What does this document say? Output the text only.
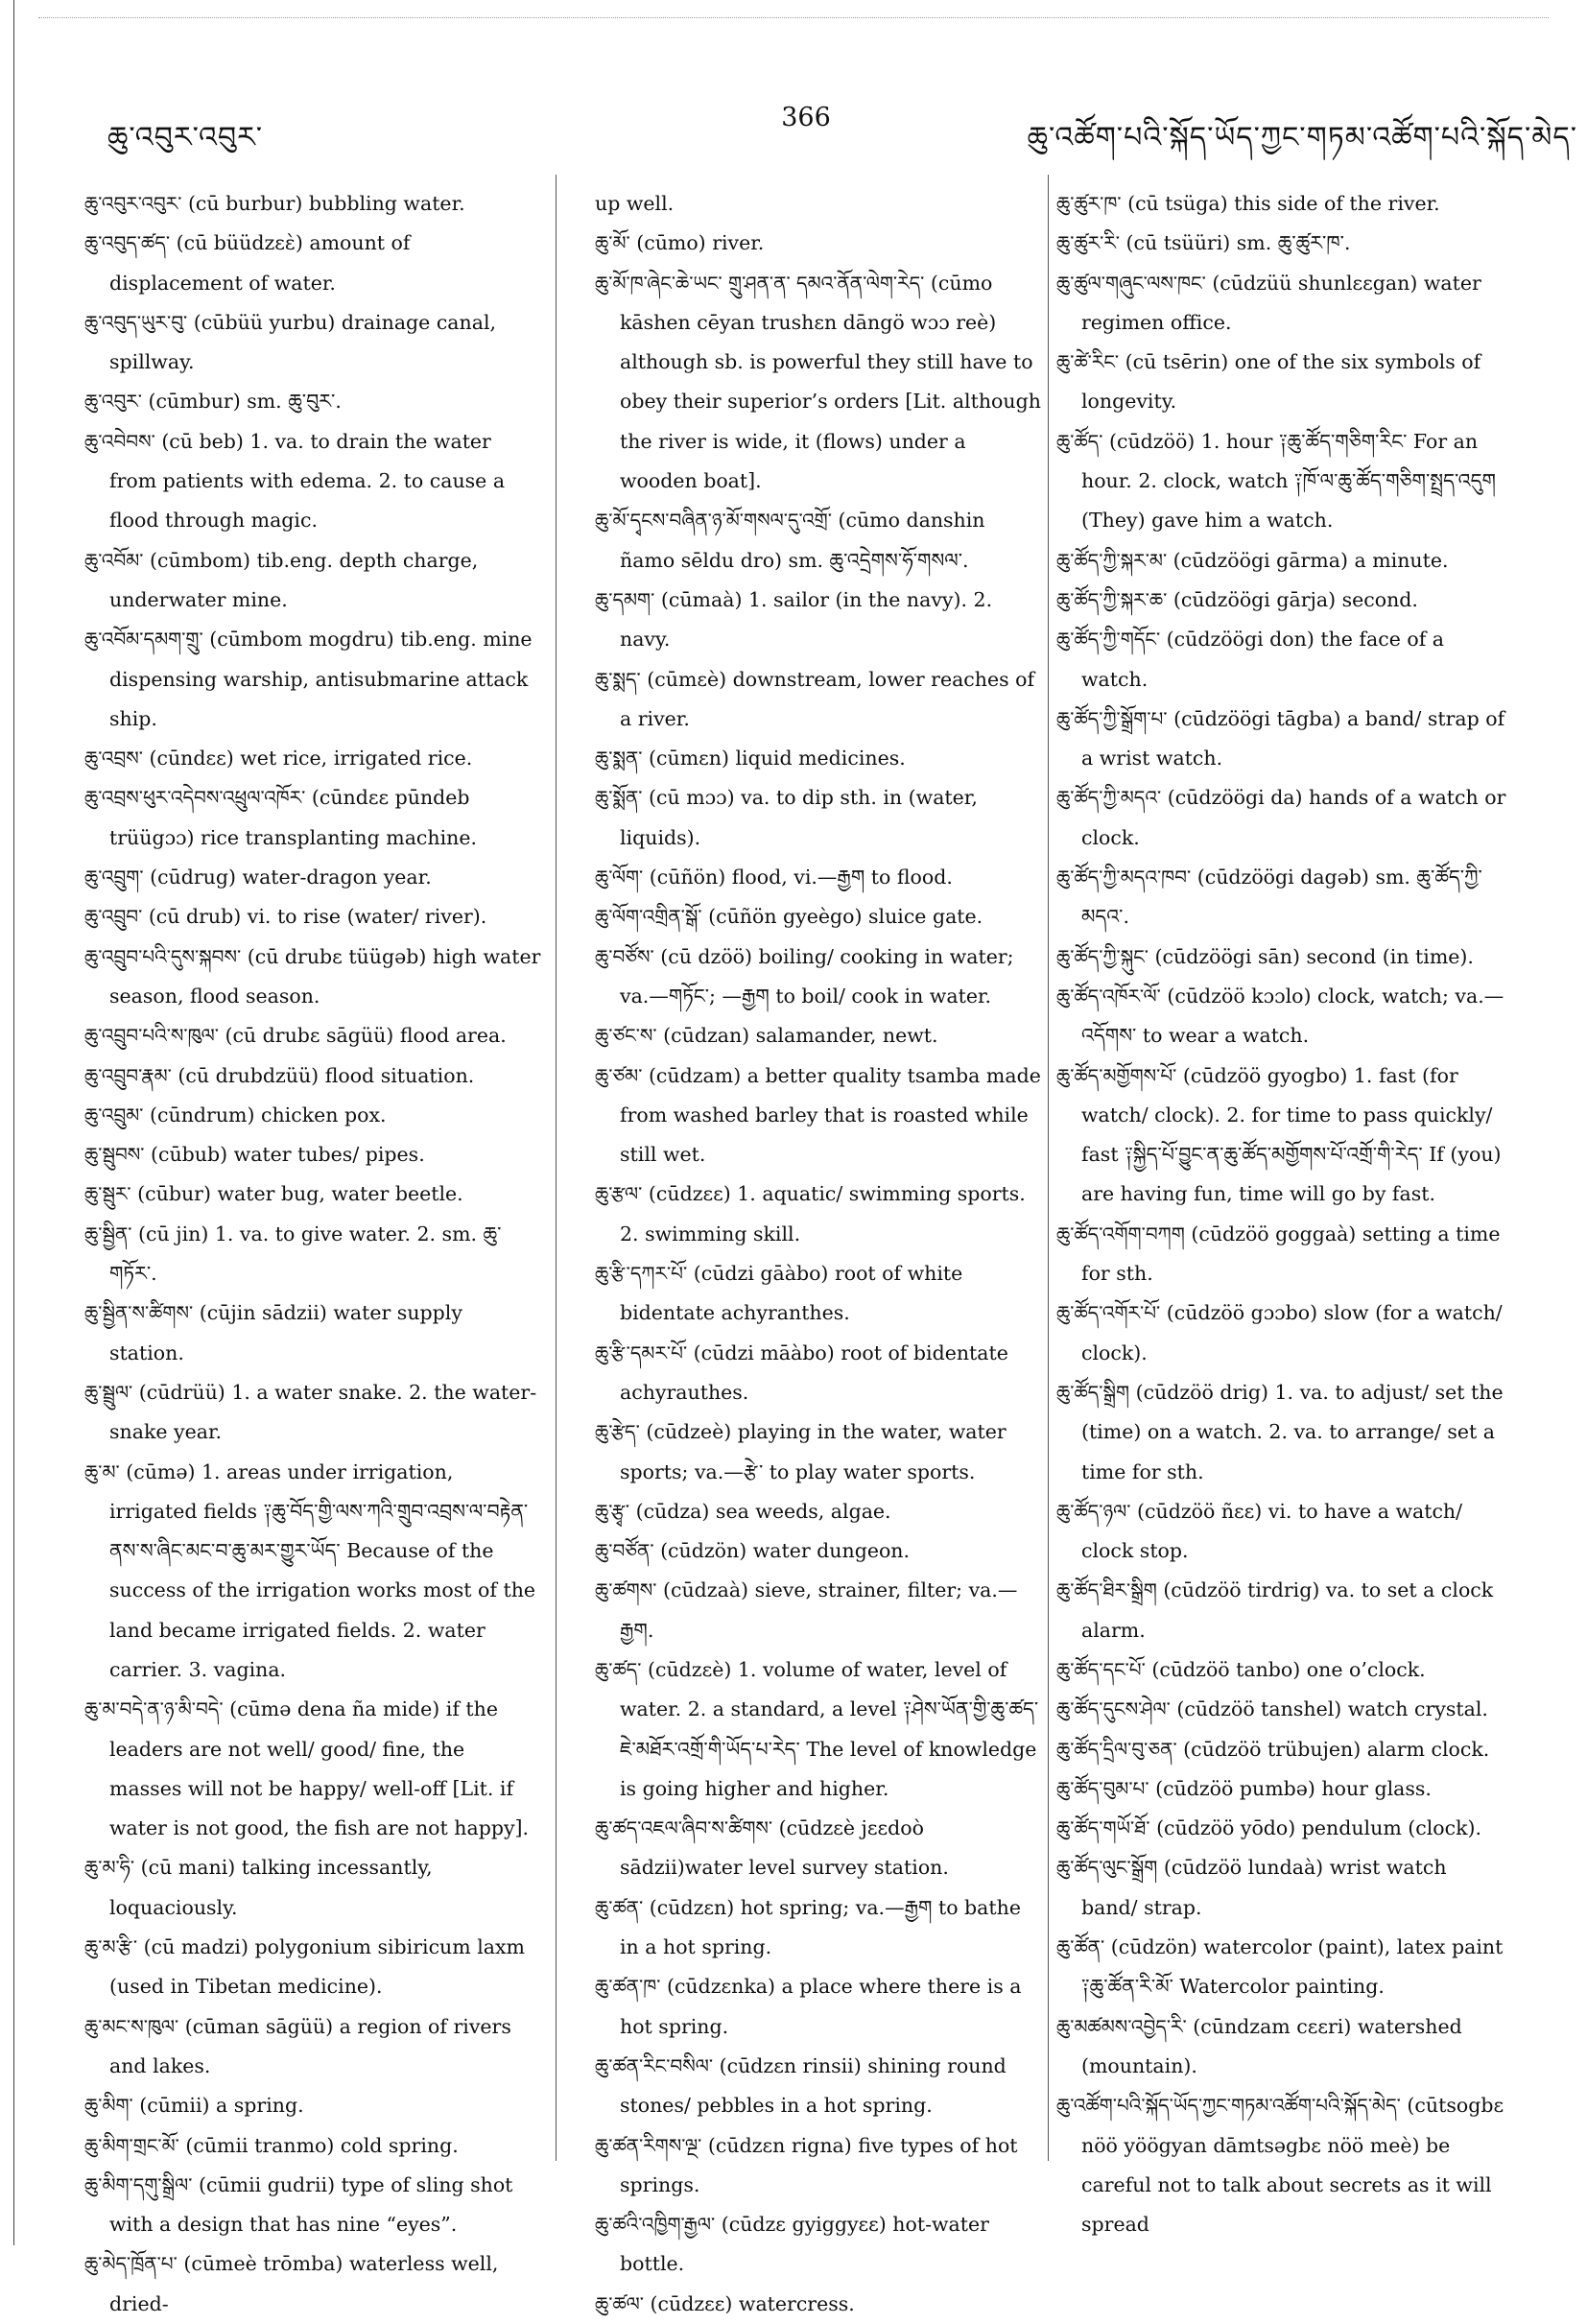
ཆུ་འབུར་འབུར་
366
ཆུ་འཚོག་པའི་སྐོད་ཡོད་ཀྱང་གཏམ་འཚོག་པའི་སྐོད་མེད་

ཆུ་འབུར་འབུར་ (cū burbur) bubbling water.

ཆུ་འབུད་ཚད་ (cū büüdzεὲ) amount of displacement of water.

ཆུ་འབུད་ཡུར་བུ་ (cūbüü yurbu) drainage canal, spillway.

ཆུ་འབུར་ (cūmbur) sm. ཆུ་བུར་.

ཆུ་འབེབས་ (cū beb) 1. va. to drain the water from patients with edema. 2. to cause a flood through magic.

ཆུ་འབོམ་ (cūmbom) tib.eng. depth charge, underwater mine.

ཆུ་འབོམ་དམག་གྲུ་ (cūmbom mogdru) tib.eng. mine dispensing warship, antisubmarine attack ship.

ཆུ་འབྲས་ (cūndεε) wet rice, irrigated rice.

ཆུ་འབྲས་ཕུར་འདེབས་འཕྲུལ་འཁོར་ (cūndεε pūndeb trüügɔɔ) rice transplanting machine.

ཆུ་འབྲུག་ (cūdrug) water-dragon year.

ཆུ་འབྲུབ་ (cū drub) vi. to rise (water/ river).

ཆུ་འབྲུབ་པའི་དུས་སྐབས་ (cū drubε tüügəb) high water season, flood season.

ཆུ་འབྲུབ་པའི་ས་ཁུལ་ (cū drubε sāgüü) flood area.

ཆུ་འབྲུབ་རྣམ་ (cū drubdzüü) flood situation.

ཆུ་འབྲུམ་ (cūndrum) chicken pox.

ཆུ་སྦུབས་ (cūbub) water tubes/ pipes.

ཆུ་སྦུར་ (cūbur) water bug, water beetle.

ཆུ་སྦྱིན་ (cū jin) 1. va. to give water. 2. sm. ཆུ་གཏོར་.

ཆུ་སྦྱིན་ས་ཚིགས་ (cūjin sādzii) water supply station.

ཆུ་སྦྲུལ་ (cūdrüü) 1. a water snake. 2. the water-snake year.

ཆུ་མ་ (cūmə) 1. areas under irrigation, irrigated fields ༑ཆུ་བོད་གྱི་ལས་ཀའི་གྲུབ་འབྲས་ལ་བརྟེན་ནས་ས་ཞིང་མང་བ་ཆུ་མར་གྱུར་ཡོད་ Because of the success of the irrigation works most of the land became irrigated fields. 2. water carrier. 3. vagina.

ཆུ་མ་བདེ་ན་ཉ་མི་བདེ་ (cūmə dena ña mide) if the leaders are not well/ good/ fine, the masses will not be happy/ well-off [Lit. if water is not good, the fish are not happy].

ཆུ་མ་ཧི་ (cū mani) talking incessantly, loquaciously.

ཆུ་མ་རྩི་ (cū madzi) polygonium sibiricum laxm (used in Tibetan medicine).

ཆུ་མང་ས་ཁུལ་ (cūman sāgüü) a region of rivers and lakes.

ཆུ་མིག་ (cūmii) a spring.

ཆུ་མིག་གྲང་མོ་ (cūmii tranmo) cold spring.

ཆུ་མིག་དགུ་སྒྲིལ་ (cūmii gudrii) type of sling shot with a design that has nine “eyes”.

ཆུ་མེད་ཁྲོན་པ་ (cūmeè trōmba) waterless well, dried-

up well.

ཆུ་མོ་ (cūmo) river.

ཆུ་མོ་ཁ་ཞེང་ཆེ་ཡང་ གྲུ་ཤན་ན་ དམའ་ནོན་ལེག་རེད་ (cūmo kāshen cēyan trushεn dāngö wɔɔ reè) although sb. is powerful they still have to obey their superior’s orders [Lit. although the river is wide, it (flows) under a wooden boat].

ཆུ་མོ་དྭངས་བཞིན་ཉ་མོ་གསལ་དུ་འགྲོ་ (cūmo danshin ñamo sēldu dro) sm. ཆུ་འདྲེགས་ཧོ་གསལ་.

ཆུ་དམག་ (cūmaà) 1. sailor (in the navy). 2. navy.

ཆུ་སྨད་ (cūmεè) downstream, lower reaches of a river.

ཆུ་སྨན་ (cūmεn) liquid medicines.

ཆུ་སྨོན་ (cū mɔɔ) va. to dip sth. in (water, liquids).

ཆུ་ལོག་ (cūñön) flood, vi.—རྒྱག to flood.

ཆུ་ལོག་འགྲིན་སྒོ་ (cūñön gyeègo) sluice gate.

ཆུ་བཙོས་ (cū dzöö) boiling/ cooking in water; va.—གཏོང་; —རྒྱག to boil/ cook in water.

ཆུ་ཙང་ས་ (cūdzan) salamander, newt.

ཆུ་ཙམ་ (cūdzam) a better quality tsamba made from washed barley that is roasted while still wet.

ཆུ་རྩལ་ (cūdzεε) 1. aquatic/ swimming sports. 2. swimming skill.

ཆུ་རྩི་དཀར་པོ་ (cūdzi gāàbo) root of white bidentate achyranthes.

ཆུ་རྩི་དམར་པོ་ (cūdzi māàbo) root of bidentate achyrauthes.

ཆུ་རྩེད་ (cūdzeè) playing in the water, water sports; va.—རྩེ་ to play water sports.

ཆུ་རྩྭ་ (cūdza) sea weeds, algae.

ཆུ་བཙོན་ (cūdzön) water dungeon.

ཆུ་ཚགས་ (cūdzaà) sieve, strainer, filter; va.—རྒྱག.

ཆུ་ཚད་ (cūdzεè) 1. volume of water, level of water. 2. a standard, a level ༑ཤེས་ཡོན་གྱི་ཆུ་ཚད་ཇེ་མཐོར་འགྲོ་གི་ཡོད་པ་རེད་ The level of knowledge is going higher and higher.

ཆུ་ཚད་འཇལ་ཞིབ་ས་ཚིགས་ (cūdzεè jεεdoò sādzii)water level survey station.

ཆུ་ཚན་ (cūdzεn) hot spring; va.—རྒྱག to bathe in a hot spring.

ཆུ་ཚན་ཁ་ (cūdzεnka) a place where there is a hot spring.

ཆུ་ཚན་རིང་བསིལ་ (cūdzεn rinsii) shining round stones/ pebbles in a hot spring.

ཆུ་ཚན་རིགས་ལྔ་ (cūdzεn rigna) five types of hot springs.

ཆུ་ཚའི་འཁྱིག་རྒྱལ་ (cūdzε gyiggyεε) hot-water bottle.

ཆུ་ཚལ་ (cūdzεε) watercress.

ཆུ་ཚུར་ཁ་ (cū tsüga) this side of the river.

ཆུ་ཚུར་རི་ (cū tsüüri) sm. ཆུ་ཚུར་ཁ་.

ཆུ་ཚུལ་གཞུང་ལས་ཁང་ (cūdzüü shunlεεgan) water regimen office.

ཆུ་ཚེ་རིང་ (cū tsērin) one of the six symbols of longevity.

ཆུ་ཚོད་ (cūdzöö) 1. hour ༑ཆུ་ཚོད་གཅིག་རིང་ For an hour. 2. clock, watch ༑ཁོ་ལ་ཆུ་ཚོད་གཅིག་སྤྲད་འདུག (They) gave him a watch.

ཆུ་ཚོད་ཀྱི་སྐར་མ་ (cūdzöögi gārma) a minute.

ཆུ་ཚོད་ཀྱི་སྐར་ཆ་ (cūdzöögi gārja) second.

ཆུ་ཚོད་ཀྱི་གདོང་ (cūdzöögi don) the face of a watch.

ཆུ་ཚོད་ཀྱི་སྒྲོག་པ་ (cūdzöögi tāgba) a band/ strap of a wrist watch.

ཆུ་ཚོད་ཀྱི་མདའ་ (cūdzöögi da) hands of a watch or clock.

ཆུ་ཚོད་ཀྱི་མདའ་ཁབ་ (cūdzöögi dagəb) sm. ཆུ་ཚོད་ཀྱི་མདའ་.

ཆུ་ཚོད་ཀྱི་སྐུང་ (cūdzöögi sān) second (in time).

ཆུ་ཚོད་འཁོར་ལོ་ (cūdzöö kɔɔlo) clock, watch; va.—འདོགས་ to wear a watch.

ཆུ་ཚོད་མགྱོགས་པོ་ (cūdzöö gyogbo) 1. fast (for watch/ clock). 2. for time to pass quickly/ fast ༑སྐྱིད་པོ་བྱུང་ན་ཆུ་ཚོད་མགྱོགས་པོ་འགྲོ་གི་རེད་ If (you) are having fun, time will go by fast.

ཆུ་ཚོད་འགོག་བཀག (cūdzöö goggaà) setting a time for sth.

ཆུ་ཚོད་འགོར་པོ་ (cūdzöö gɔɔbo) slow (for a watch/ clock).

ཆུ་ཚོད་སྒྲིག (cūdzöö drig) 1. va. to adjust/ set the (time) on a watch. 2. va. to arrange/ set a time for sth.

ཆུ་ཚོད་ཉལ་ (cūdzöö ñεε) vi. to have a watch/ clock stop.

ཆུ་ཚོད་ཐིར་སྒྲིག (cūdzöö tirdrig) va. to set a clock alarm.

ཆུ་ཚོད་དང་པོ་ (cūdzöö tanbo) one o’clock.

ཆུ་ཚོད་དུངས་ཤེལ་ (cūdzöö tanshel) watch crystal.

ཆུ་ཚོད་དྲིལ་བུ་ཅན་ (cūdzöö trübujen) alarm clock.

ཆུ་ཚོད་བུམ་པ་ (cūdzöö pumbə) hour glass.

ཆུ་ཚོད་གཡོ་ཐོ་ (cūdzöö yōdo) pendulum (clock).

ཆུ་ཚོད་ལུང་སྒྲོག (cūdzöö lundaà) wrist watch band/ strap.

ཆུ་ཚོན་ (cūdzön) watercolor (paint), latex paint ༑ཆུ་ཚོན་རི་མོ་ Watercolor painting.

ཆུ་མཚམས་འབྱེད་རི་ (cūndzam cεεri) watershed (mountain).

ཆུ་འཚོག་པའི་སྐོད་ཡོད་ཀྱང་གཏམ་འཚོག་པའི་སྐོད་མེད་ (cūtsogbε nöö yöögyan dāmtsəgbε nöö meè) be careful not to talk about secrets as it will spread
